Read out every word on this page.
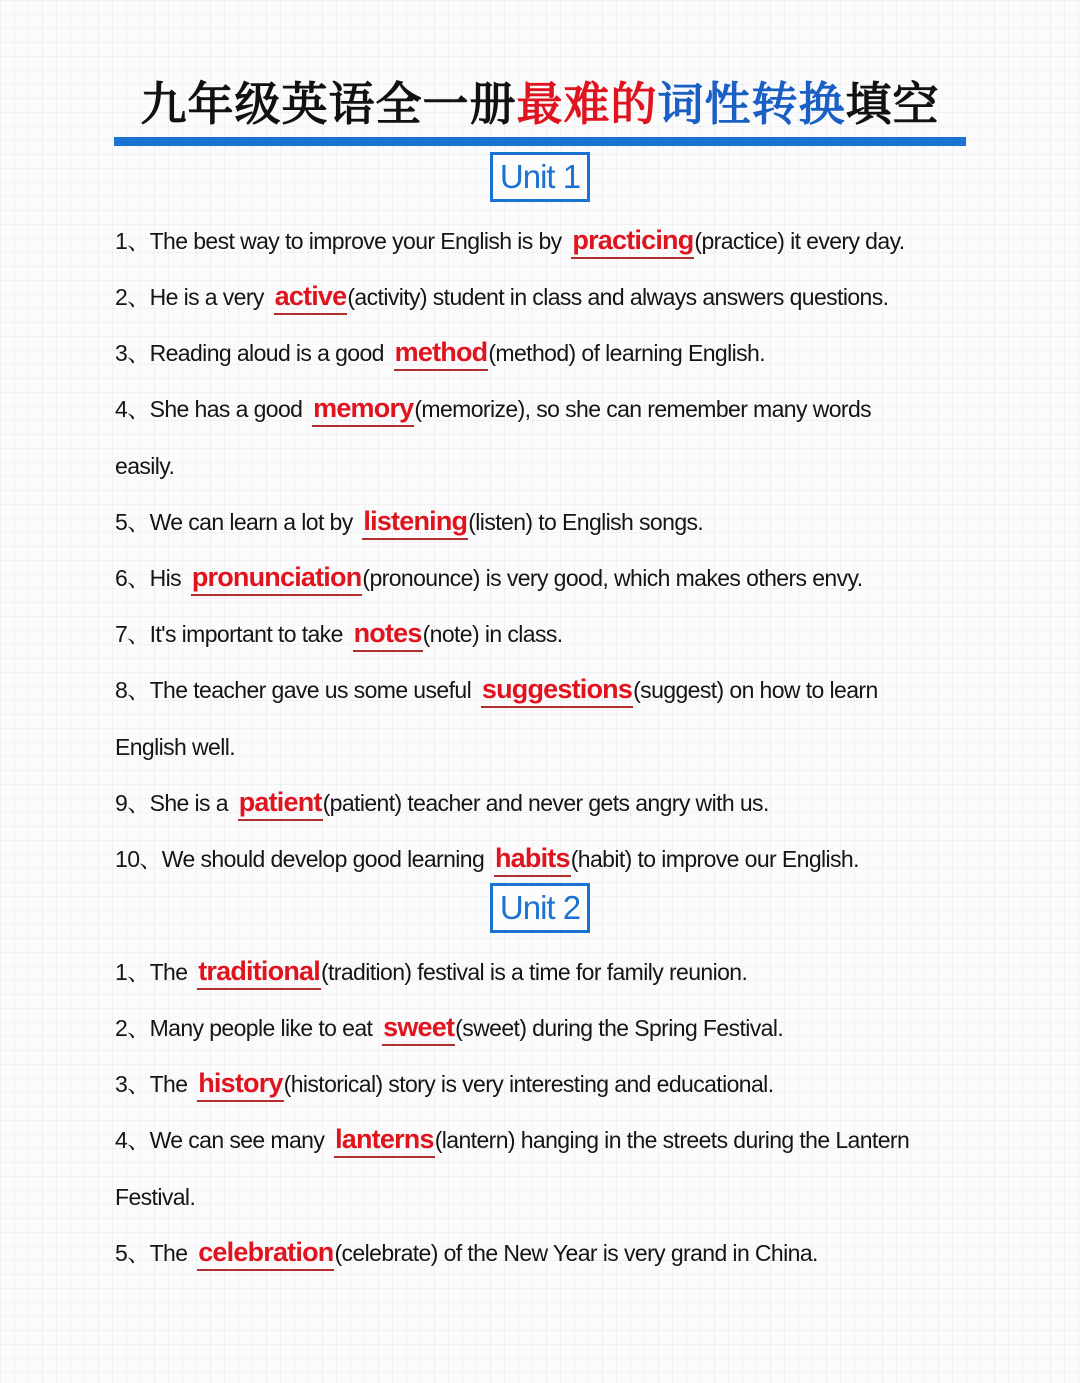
九年级英语全一册最难的词性转换填空
Unit 1
1、The best way to improve your English is by practicing(practice) it every day.
2、He is a very active(activity) student in class and always answers questions.
3、Reading aloud is a good method(method) of learning English.
4、She has a good memory(memorize), so she can remember many words
easily.
5、We can learn a lot by listening(listen) to English songs.
6、His pronunciation(pronounce) is very good, which makes others envy.
7、It's important to take notes(note) in class.
8、The teacher gave us some useful suggestions(suggest) on how to learn
English well.
9、She is a patient(patient) teacher and never gets angry with us.
10、We should develop good learning habits(habit) to improve our English.
Unit 2
1、The traditional(tradition) festival is a time for family reunion.
2、Many people like to eat sweet(sweet) during the Spring Festival.
3、The history(historical) story is very interesting and educational.
4、We can see many lanterns(lantern) hanging in the streets during the Lantern
Festival.
5、The celebration(celebrate) of the New Year is very grand in China.
